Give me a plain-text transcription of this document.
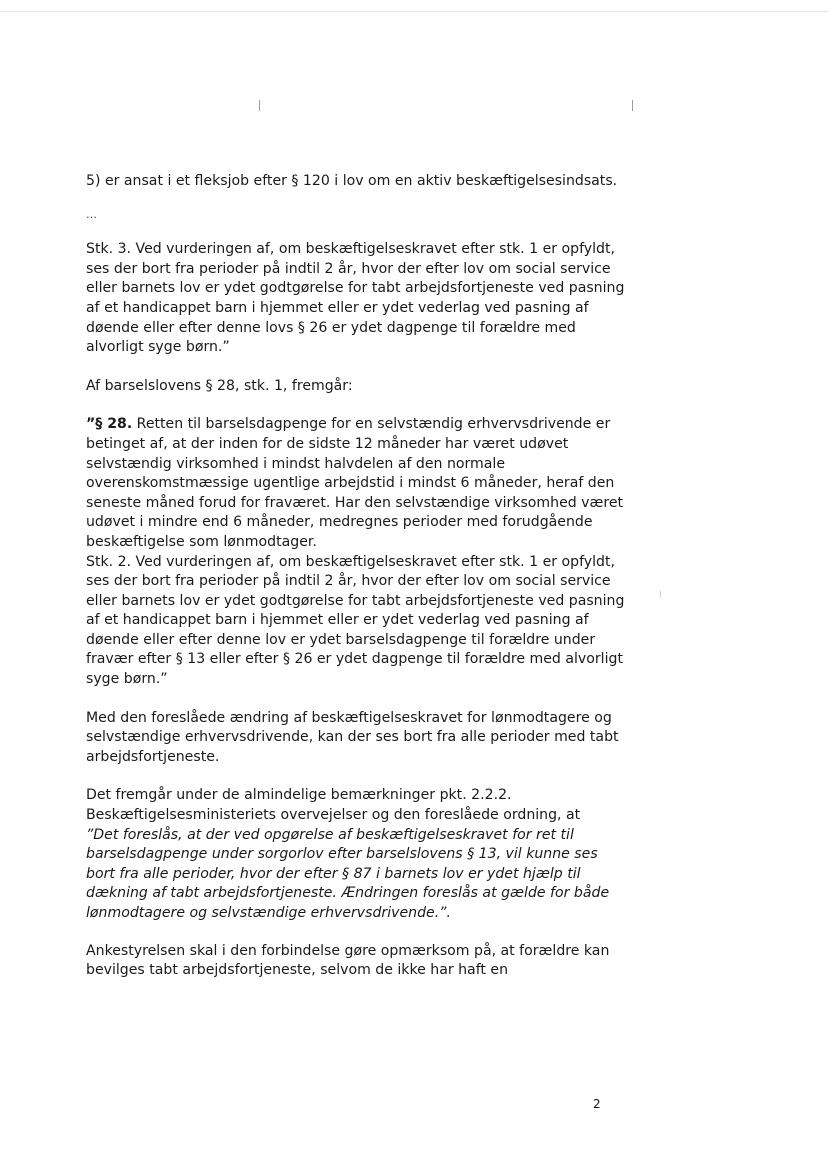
5) er ansat i et fleksjob efter § 120 i lov om en aktiv beskæftigelsesindsats.

…

Stk. 3. Ved vurderingen af, om beskæftigelseskravet efter stk. 1 er opfyldt, ses der bort fra perioder på indtil 2 år, hvor der efter lov om social service eller barnets lov er ydet godtgørelse for tabt arbejdsfortjeneste ved pasning af et handicappet barn i hjemmet eller er ydet vederlag ved pasning af døende eller efter denne lovs § 26 er ydet dagpenge til forældre med alvorligt syge børn.”

Af barselslovens § 28, stk. 1, fremgår:

”§ 28. Retten til barselsdagpenge for en selvstændig erhvervsdrivende er betinget af, at der inden for de sidste 12 måneder har været udøvet selvstændig virksomhed i mindst halvdelen af den normale overenskomstmæssige ugentlige arbejdstid i mindst 6 måneder, heraf den seneste måned forud for fraværet. Har den selvstændige virksomhed været udøvet i mindre end 6 måneder, medregnes perioder med forudgående beskæftigelse som lønmodtager.

Stk. 2. Ved vurderingen af, om beskæftigelseskravet efter stk. 1 er opfyldt, ses der bort fra perioder på indtil 2 år, hvor der efter lov om social service eller barnets lov er ydet godtgørelse for tabt arbejdsfortjeneste ved pasning af et handicappet barn i hjemmet eller er ydet vederlag ved pasning af døende eller efter denne lov er ydet barselsdagpenge til forældre under fravær efter § 13 eller efter § 26 er ydet dagpenge til forældre med alvorligt syge børn.”

Med den foreslåede ændring af beskæftigelseskravet for lønmodtagere og selvstændige erhvervsdrivende, kan der ses bort fra alle perioder med tabt arbejdsfortjeneste.

Det fremgår under de almindelige bemærkninger pkt. 2.2.2.
Beskæftigelsesministeriets overvejelser og den foreslåede ordning, at
”Det foreslås, at der ved opgørelse af beskæftigelseskravet for ret til barselsdagpenge under sorgorlov efter barselslovens § 13, vil kunne ses bort fra alle perioder, hvor der efter § 87 i barnets lov er ydet hjælp til dækning af tabt arbejdsfortjeneste. Ændringen foreslås at gælde for både lønmodtagere og selvstændige erhvervsdrivende.”.

Ankestyrelsen skal i den forbindelse gøre opmærksom på, at forældre kan bevilges tabt arbejdsfortjeneste, selvom de ikke har haft en

2
